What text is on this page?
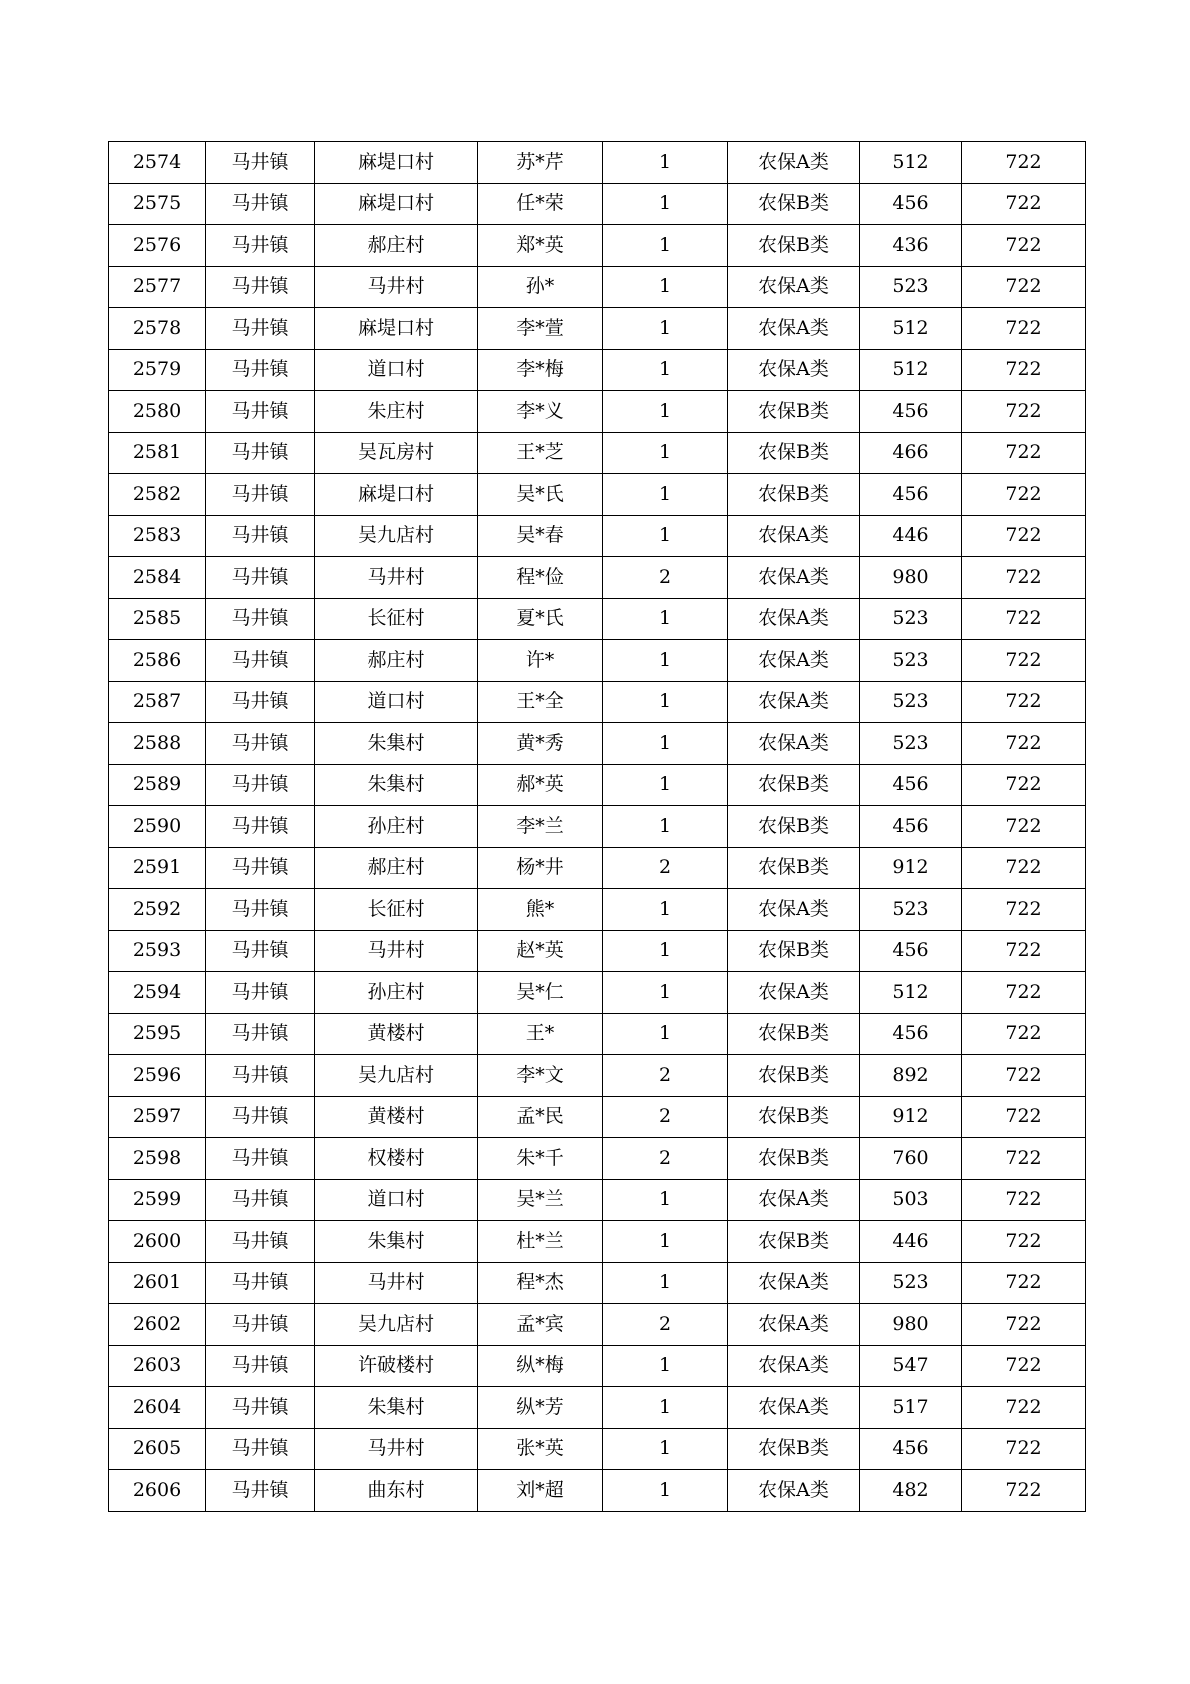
2574	马井镇	麻堤口村	苏*芹	1	农保A类	512	722
2575	马井镇	麻堤口村	任*荣	1	农保B类	456	722
2576	马井镇	郝庄村	郑*英	1	农保B类	436	722
2577	马井镇	马井村	孙*	1	农保A类	523	722
2578	马井镇	麻堤口村	李*萱	1	农保A类	512	722
2579	马井镇	道口村	李*梅	1	农保A类	512	722
2580	马井镇	朱庄村	李*义	1	农保B类	456	722
2581	马井镇	吴瓦房村	王*芝	1	农保B类	466	722
2582	马井镇	麻堤口村	吴*氏	1	农保B类	456	722
2583	马井镇	吴九店村	吴*春	1	农保A类	446	722
2584	马井镇	马井村	程*俭	2	农保A类	980	722
2585	马井镇	长征村	夏*氏	1	农保A类	523	722
2586	马井镇	郝庄村	许*	1	农保A类	523	722
2587	马井镇	道口村	王*全	1	农保A类	523	722
2588	马井镇	朱集村	黄*秀	1	农保A类	523	722
2589	马井镇	朱集村	郝*英	1	农保B类	456	722
2590	马井镇	孙庄村	李*兰	1	农保B类	456	722
2591	马井镇	郝庄村	杨*井	2	农保B类	912	722
2592	马井镇	长征村	熊*	1	农保A类	523	722
2593	马井镇	马井村	赵*英	1	农保B类	456	722
2594	马井镇	孙庄村	吴*仁	1	农保A类	512	722
2595	马井镇	黄楼村	王*	1	农保B类	456	722
2596	马井镇	吴九店村	李*文	2	农保B类	892	722
2597	马井镇	黄楼村	孟*民	2	农保B类	912	722
2598	马井镇	权楼村	朱*千	2	农保B类	760	722
2599	马井镇	道口村	吴*兰	1	农保A类	503	722
2600	马井镇	朱集村	杜*兰	1	农保B类	446	722
2601	马井镇	马井村	程*杰	1	农保A类	523	722
2602	马井镇	吴九店村	孟*宾	2	农保A类	980	722
2603	马井镇	许破楼村	纵*梅	1	农保A类	547	722
2604	马井镇	朱集村	纵*芳	1	农保A类	517	722
2605	马井镇	马井村	张*英	1	农保B类	456	722
2606	马井镇	曲东村	刘*超	1	农保A类	482	722
